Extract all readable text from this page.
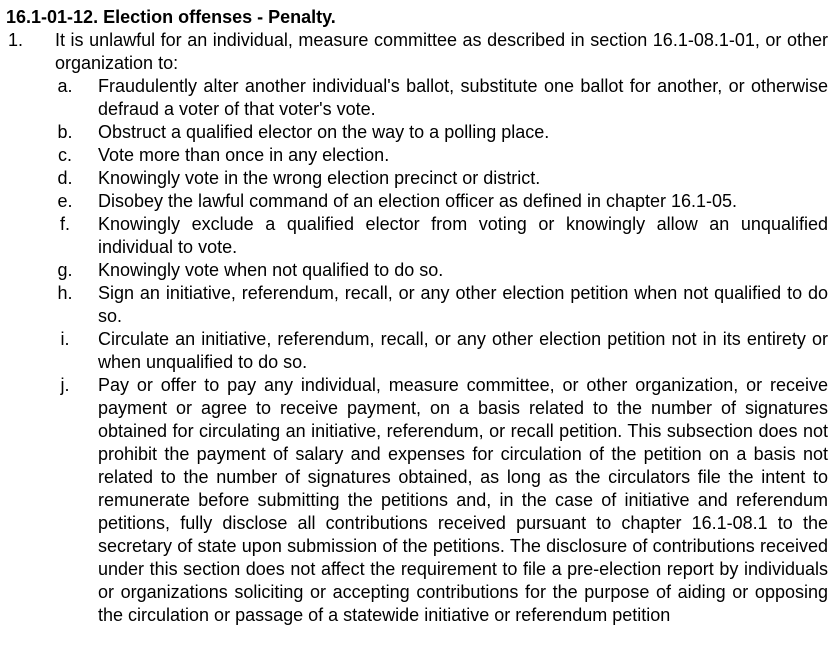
16.1-01-12. Election offenses - Penalty.
1. It is unlawful for an individual, measure committee as described in section 16.1-08.1-01, or other organization to:
a. Fraudulently alter another individual's ballot, substitute one ballot for another, or otherwise defraud a voter of that voter's vote.
b. Obstruct a qualified elector on the way to a polling place.
c. Vote more than once in any election.
d. Knowingly vote in the wrong election precinct or district.
e. Disobey the lawful command of an election officer as defined in chapter 16.1-05.
f. Knowingly exclude a qualified elector from voting or knowingly allow an unqualified individual to vote.
g. Knowingly vote when not qualified to do so.
h. Sign an initiative, referendum, recall, or any other election petition when not qualified to do so.
i.	Circulate an initiative, referendum, recall, or any other election petition not in its entirety or when unqualified to do so.
j.	Pay or offer to pay any individual, measure committee, or other organization, or receive payment or agree to receive payment, on a basis related to the number of signatures obtained for circulating an initiative, referendum, or recall petition. This subsection does not prohibit the payment of salary and expenses for circulation of the petition on a basis not related to the number of signatures obtained, as long as the circulators file the intent to remunerate before submitting the petitions and, in the case of initiative and referendum petitions, fully disclose all contributions received pursuant to chapter 16.1-08.1 to the secretary of state upon submission of the petitions. The disclosure of contributions received under this section does not affect the requirement to file a pre-election report by individuals or organizations soliciting or accepting contributions for the purpose of aiding or opposing the circulation or passage of a statewide initiative or referendum petition
